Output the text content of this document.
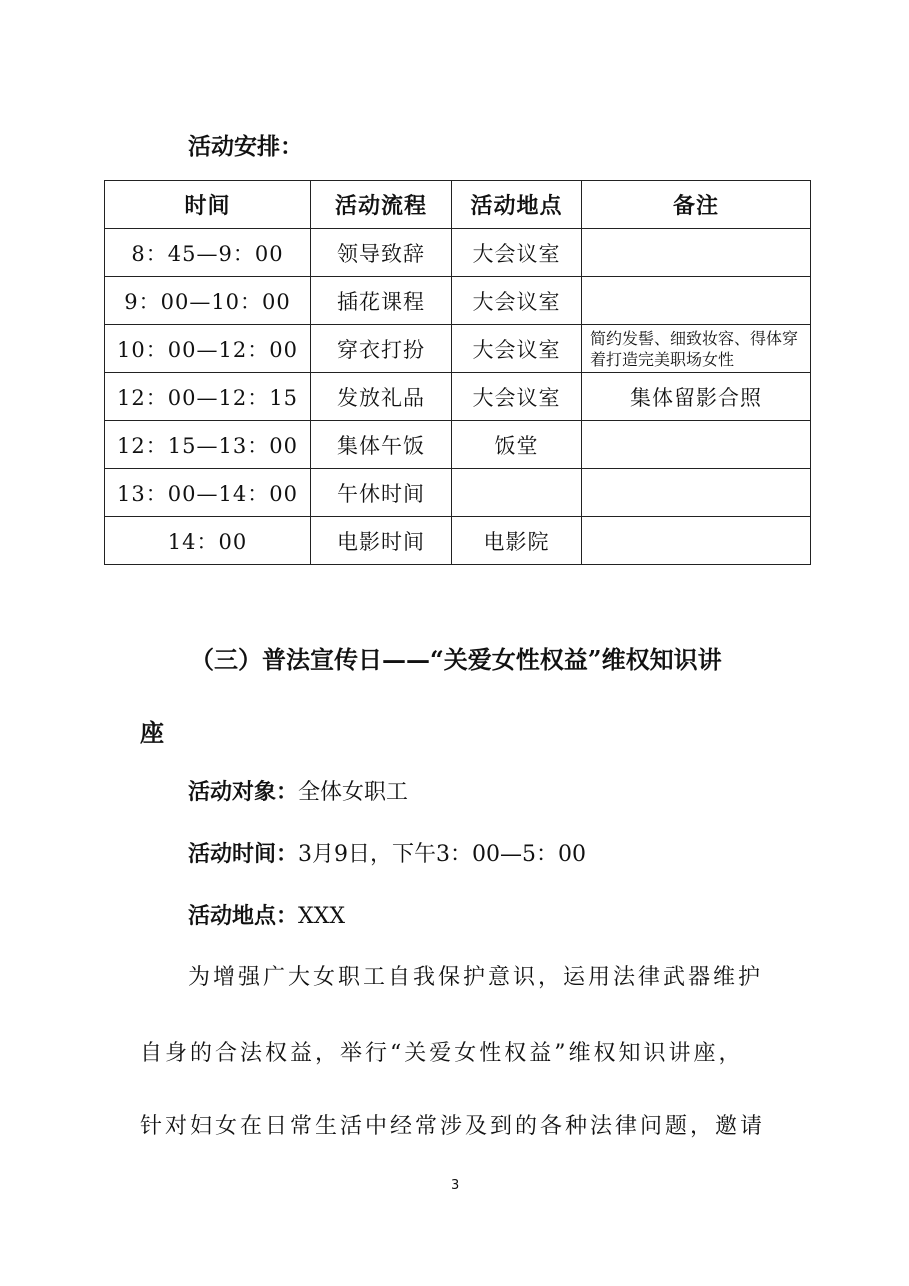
活动安排：
时间	活动流程	活动地点	备注
8：45—9：00	领导致辞	大会议室	
9：00—10：00	插花课程	大会议室	
10：00—12：00	穿衣打扮	大会议室	简约发髻、细致妆容、得体穿着打造完美职场女性
12：00—12：15	发放礼品	大会议室	集体留影合照
12：15—13：00	集体午饭	饭堂	
13：00—14：00	午休时间		
14：00	电影时间	电影院	
（三）普法宣传日——“关爱女性权益”维权知识讲
座
活动对象：全体女职工
活动时间：3月9日，下午3：00—5：00
活动地点：XXX
为增强广大女职工自我保护意识，运用法律武器维护
自身的合法权益，举行“关爱女性权益”维权知识讲座，
针对妇女在日常生活中经常涉及到的各种法律问题，邀请
3
